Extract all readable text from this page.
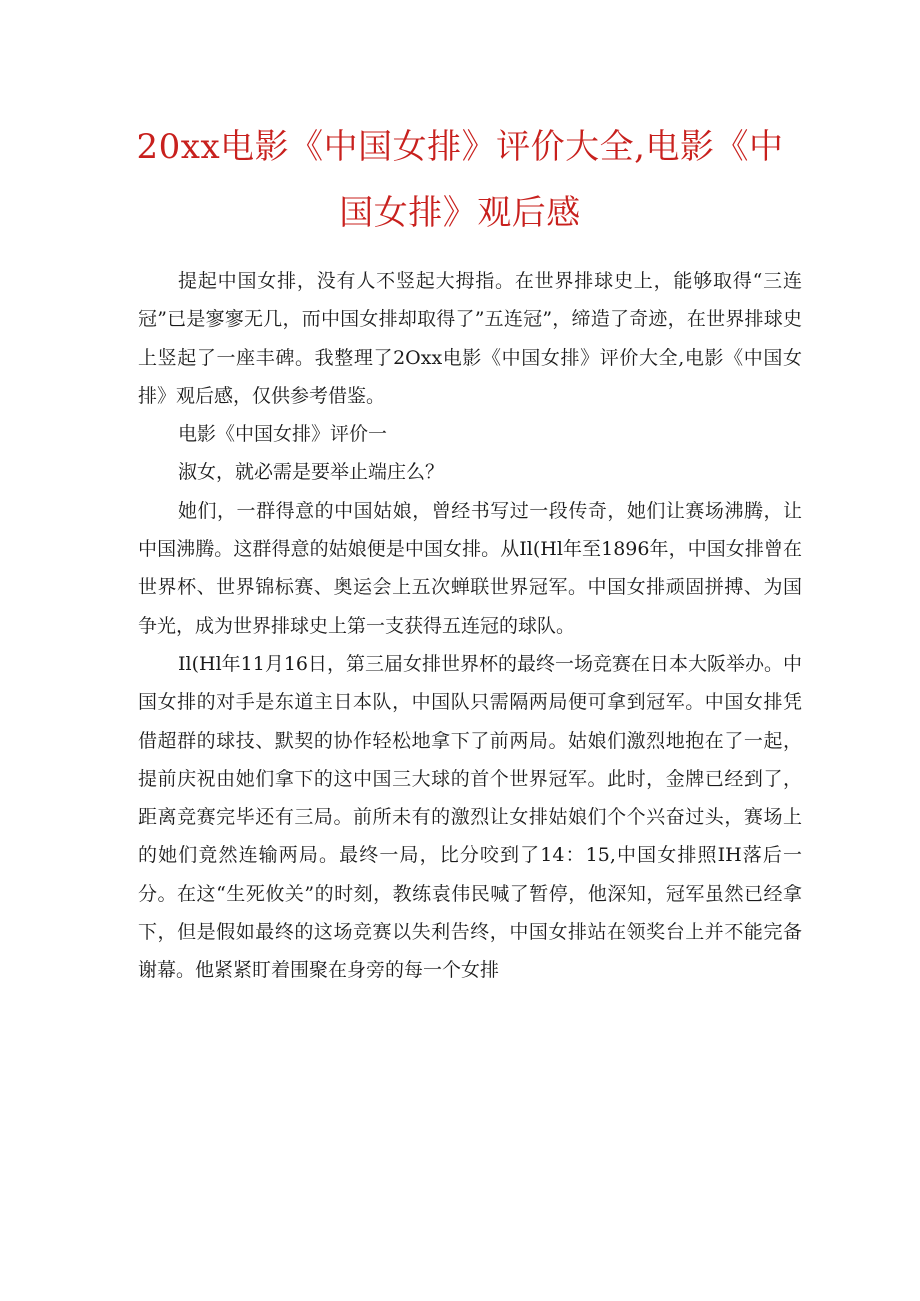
20xx电影《中国女排》评价大全,电影《中
国女排》观后感

提起中国女排，没有人不竖起大拇指。在世界排球史上，能够取得“三连冠”已是寥寥无几，而中国女排却取得了”五连冠”，缔造了奇迹，在世界排球史上竖起了一座丰碑。我整理了2Oxx电影《中国女排》评价大全,电影《中国女排》观后感，仅供参考借鉴。

电影《中国女排》评价一

淑女，就必需是要举止端庄么？

她们，一群得意的中国姑娘，曾经书写过一段传奇，她们让赛场沸腾，让中国沸腾。这群得意的姑娘便是中国女排。从Il(Hl年至1896年，中国女排曾在世界杯、世界锦标赛、奥运会上五次蝉联世界冠军。中国女排顽固拼搏、为国争光，成为世界排球史上第一支获得五连冠的球队。

Il(Hl年11月16日，第三届女排世界杯的最终一场竞赛在日本大阪举办。中国女排的对手是东道主日本队，中国队只需隔两局便可拿到冠军。中国女排凭借超群的球技、默契的协作轻松地拿下了前两局。姑娘们激烈地抱在了一起，提前庆祝由她们拿下的这中国三大球的首个世界冠军。此时，金牌已经到了，距离竞赛完毕还有三局。前所未有的激烈让女排姑娘们个个兴奋过头，赛场上的她们竟然连输两局。最终一局，比分咬到了14：15,中国女排照IH落后一分。在这“生死攸关”的时刻，教练袁伟民喊了暂停，他深知，冠军虽然已经拿下，但是假如最终的这场竞赛以失利告终，中国女排站在领奖台上并不能完备谢幕。他紧紧盯着围聚在身旁的每一个女排
